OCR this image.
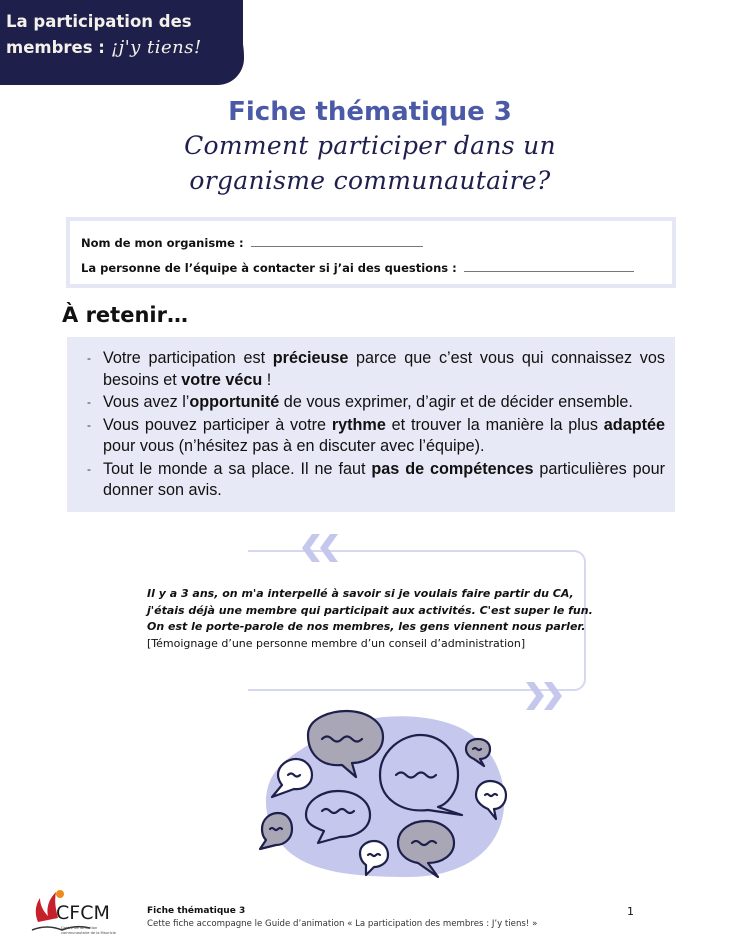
La participation des
membres : ¡j'y tiens!
Fiche thématique 3
Comment participer dans un
organisme communautaire?
Nom de mon organisme :
La personne de l’équipe à contacter si j’ai des questions :
À retenir…
- Votre participation est précieuse parce que c’est vous qui connaissez vos besoins et votre vécu !
- Vous avez l’opportunité de vous exprimer, d’agir et de décider ensemble.
- Vous pouvez participer à votre rythme et trouver la manière la plus adaptée pour vous (n’hésitez pas à en discuter avec l’équipe).
- Tout le monde a sa place. Il ne faut pas de compétences particulières pour donner son avis.
Il y a 3 ans, on m'a interpellé à savoir si je voulais faire partir du CA,
j'étais déjà une membre qui participait aux activités. C'est super le fun.
On est le porte-parole de nos membres, les gens viennent nous parler.
[Témoignage d’une personne membre d’un conseil d’administration]
CFCM
Centre de formation
communautaire de la Mauricie
Fiche thématique 3
Cette fiche accompagne le Guide d’animation « La participation des membres : J’y tiens! »
1
